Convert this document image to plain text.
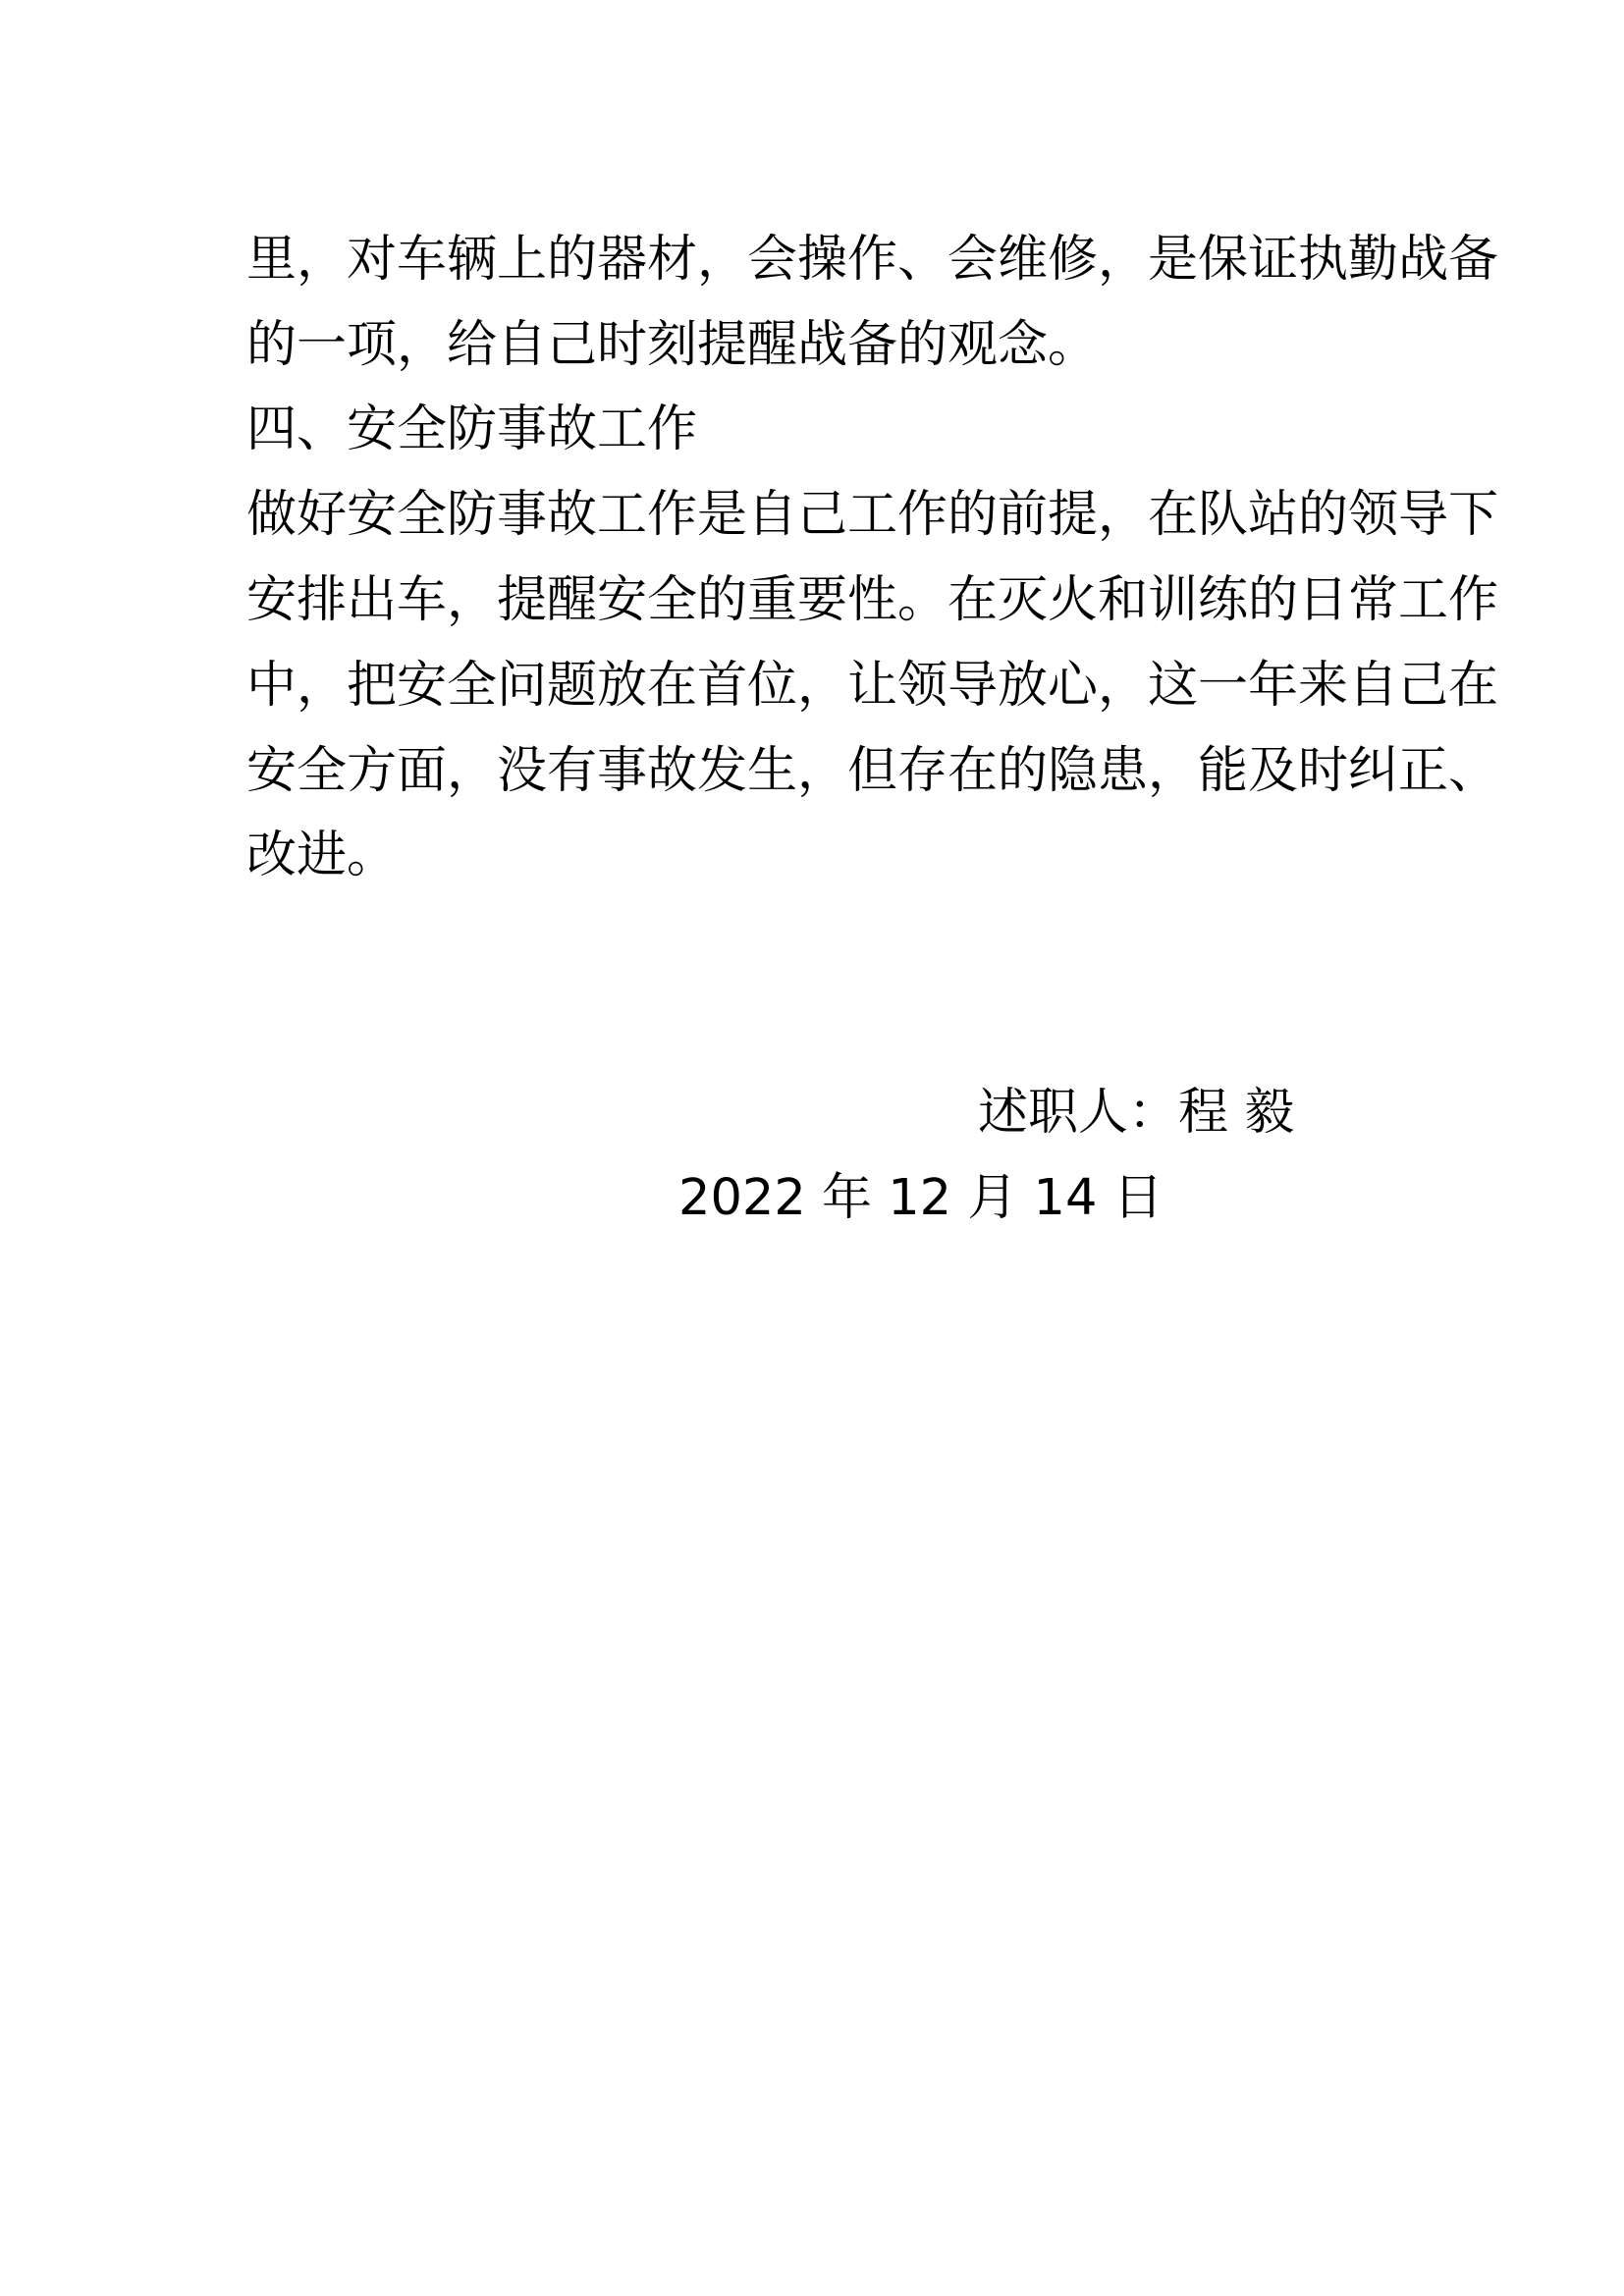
里，对车辆上的器材，会操作、会维修，是保证执勤战备

的一项，给自己时刻提醒战备的观念。

四、安全防事故工作

做好安全防事故工作是自己工作的前提，在队站的领导下

安排出车，提醒安全的重要性。在灭火和训练的日常工作

中，把安全问题放在首位，让领导放心，这一年来自己在

安全方面，没有事故发生，但存在的隐患，能及时纠正、

改进。

述职人：程 毅
2022 年 12 月 14 日
